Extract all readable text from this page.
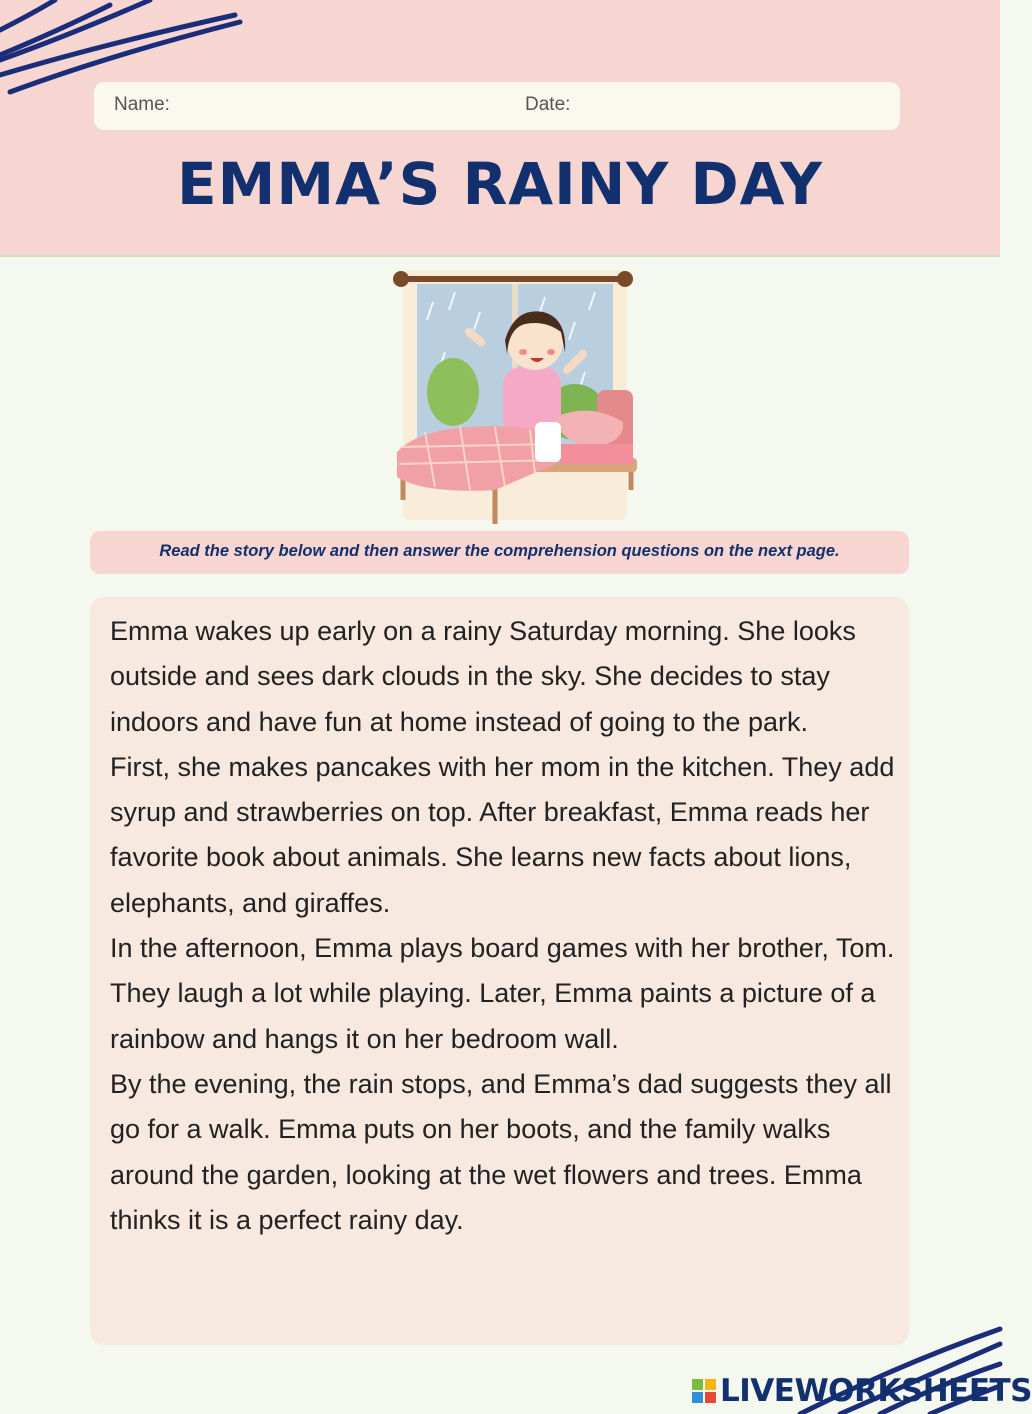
Name:	Date:
EMMA’S RAINY DAY
Read the story below and then answer the comprehension questions on the next page.

Emma wakes up early on a rainy Saturday morning. She looks outside and sees dark clouds in the sky. She decides to stay indoors and have fun at home instead of going to the park.

First, she makes pancakes with her mom in the kitchen. They add syrup and strawberries on top. After breakfast, Emma reads her favorite book about animals. She learns new facts about lions, elephants, and giraffes.

In the afternoon, Emma plays board games with her brother, Tom. They laugh a lot while playing. Later, Emma paints a picture of a rainbow and hangs it on her bedroom wall.

By the evening, the rain stops, and Emma’s dad suggests they all go for a walk. Emma puts on her boots, and the family walks around the garden, looking at the wet flowers and trees. Emma thinks it is a perfect rainy day.

LIVEWORKSHEETS
